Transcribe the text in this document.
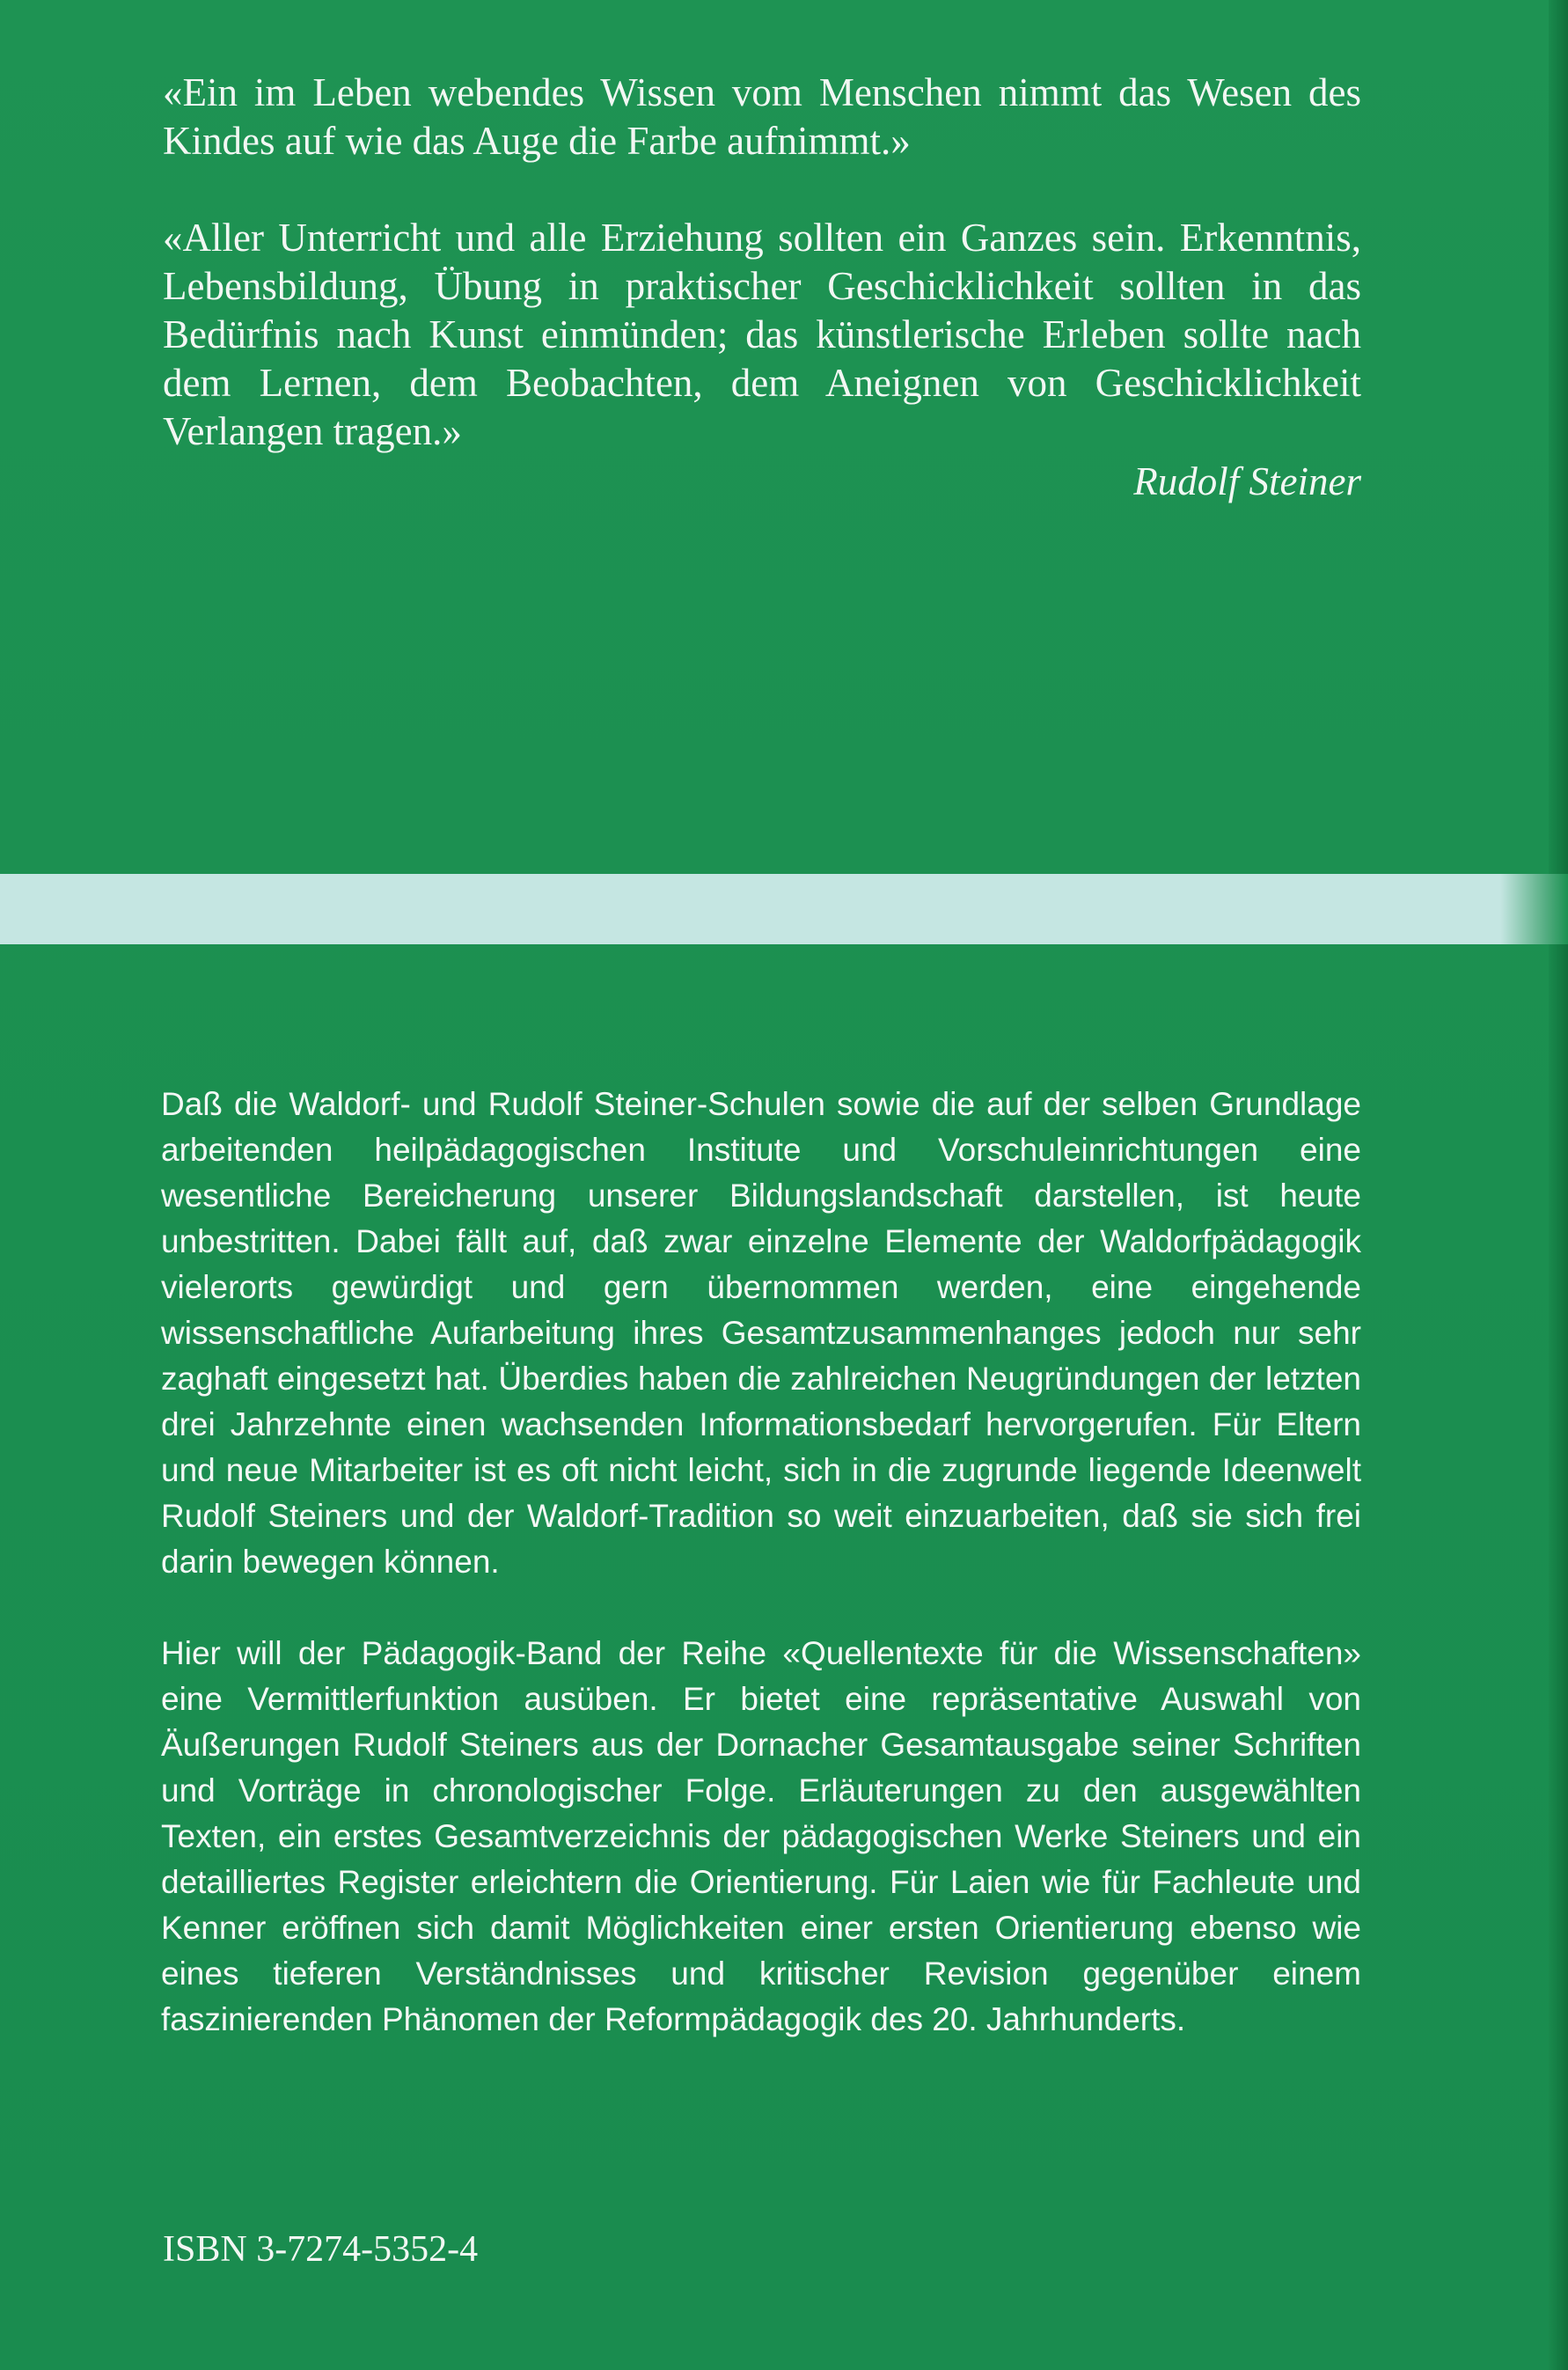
«Ein im Leben webendes Wissen vom Menschen nimmt das Wesen des Kindes auf wie das Auge die Farbe aufnimmt.»

«Aller Unterricht und alle Erziehung sollten ein Ganzes sein. Erkenntnis, Lebensbildung, Übung in praktischer Geschicklichkeit sollten in das Bedürfnis nach Kunst einmünden; das künstlerische Erleben sollte nach dem Lernen, dem Beobachten, dem Aneignen von Geschicklichkeit Verlangen tragen.»

Rudolf Steiner

Daß die Waldorf- und Rudolf Steiner-Schulen sowie die auf der selben Grundlage arbeitenden heilpädagogischen Institute und Vorschuleinrichtungen eine wesentliche Bereicherung unserer Bildungslandschaft darstellen, ist heute unbestritten. Dabei fällt auf, daß zwar einzelne Elemente der Waldorfpädagogik vielerorts gewürdigt und gern übernommen werden, eine eingehende wissenschaftliche Aufarbeitung ihres Gesamtzusammenhanges jedoch nur sehr zaghaft eingesetzt hat. Überdies haben die zahlreichen Neugründungen der letzten drei Jahrzehnte einen wachsenden Informationsbedarf hervorgerufen. Für Eltern und neue Mitarbeiter ist es oft nicht leicht, sich in die zugrunde liegende Ideenwelt Rudolf Steiners und der Waldorf-Tradition so weit einzuarbeiten, daß sie sich frei darin bewegen können.

Hier will der Pädagogik-Band der Reihe «Quellentexte für die Wissenschaften» eine Vermittlerfunktion ausüben. Er bietet eine repräsentative Auswahl von Äußerungen Rudolf Steiners aus der Dornacher Gesamtausgabe seiner Schriften und Vorträge in chronologischer Folge. Erläuterungen zu den ausgewählten Texten, ein erstes Gesamtverzeichnis der pädagogischen Werke Steiners und ein detailliertes Register erleichtern die Orientierung. Für Laien wie für Fachleute und Kenner eröffnen sich damit Möglichkeiten einer ersten Orientierung ebenso wie eines tieferen Verständnisses und kritischer Revision gegenüber einem faszinierenden Phänomen der Reformpädagogik des 20. Jahrhunderts.

ISBN 3-7274-5352-4
